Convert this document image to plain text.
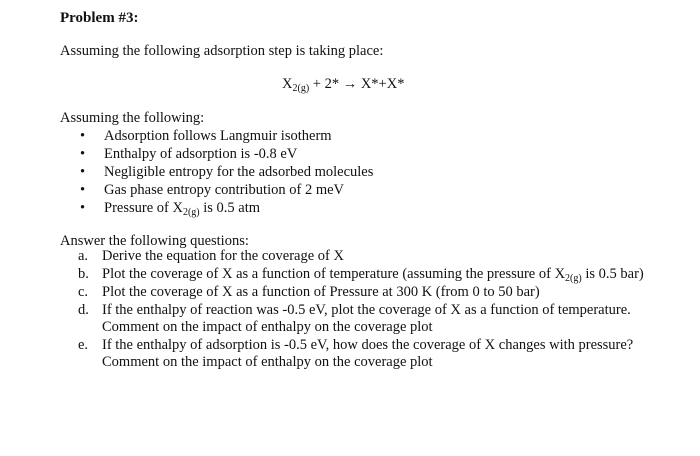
Problem #3:
Assuming the following adsorption step is taking place:
$X_{2(g)} + 2* \to X*+X*$
Assuming the following:
• Adsorption follows Langmuir isotherm
• Enthalpy of adsorption is -0.8 eV
• Negligible entropy for the adsorbed molecules
• Gas phase entropy contribution of 2 meV
• Pressure of $X_{2(g)}$ is 0.5 atm
Answer the following questions:
a. Derive the equation for the coverage of X
b. Plot the coverage of X as a function of temperature (assuming the pressure of $X_{2(g)}$ is 0.5 bar)
c. Plot the coverage of X as a function of Pressure at 300 K (from 0 to 50 bar)
d. If the enthalpy of reaction was -0.5 eV, plot the coverage of X as a function of temperature.
Comment on the impact of enthalpy on the coverage plot
e. If the enthalpy of adsorption is -0.5 eV, how does the coverage of X changes with pressure?
Comment on the impact of enthalpy on the coverage plot
